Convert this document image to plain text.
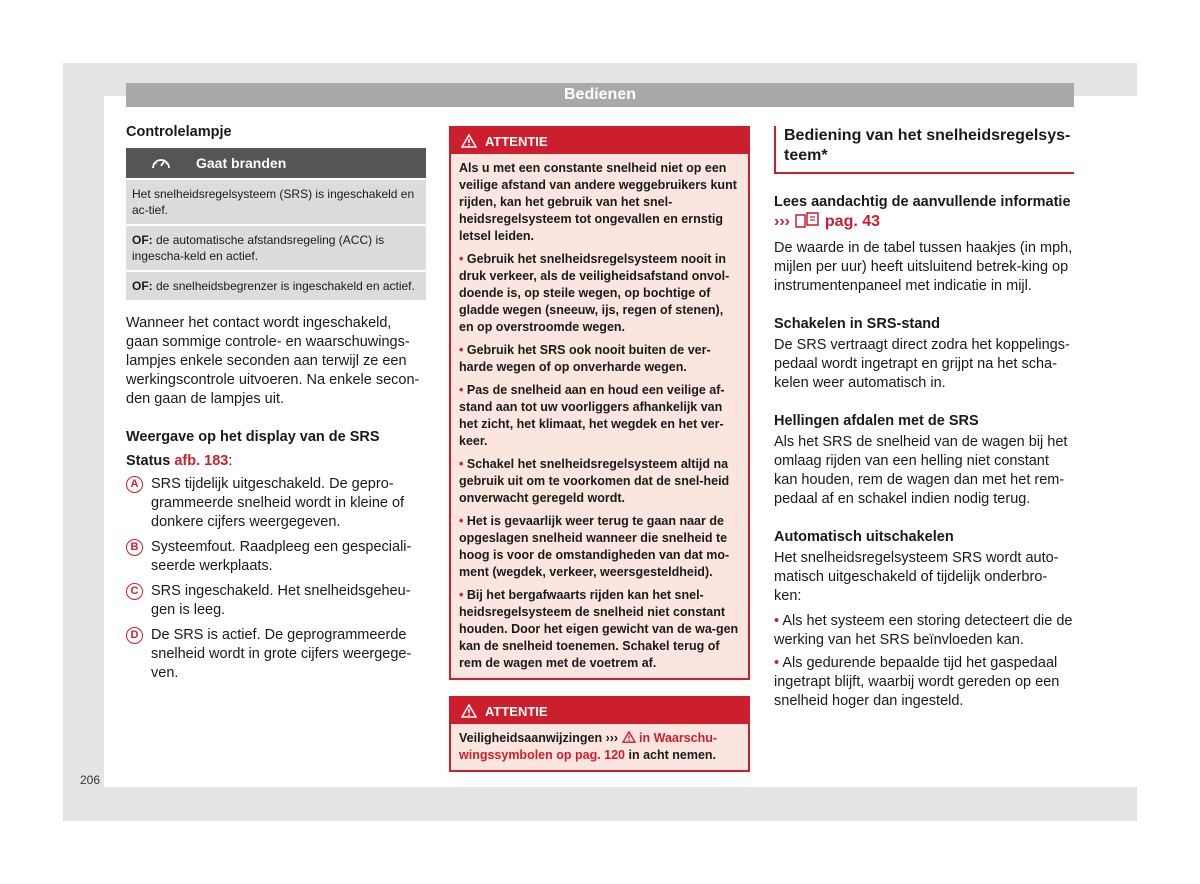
Bedienen
Controlelampje
Gaat branden
Het snelheidsregelsysteem (SRS) is ingeschakeld en ac-tief.
OF: de automatische afstandsregeling (ACC) is ingescha-keld en actief.
OF: de snelheidsbegrenzer is ingeschakeld en actief.

Wanneer het contact wordt ingeschakeld, gaan sommige controle- en waarschuwings-lampjes enkele seconden aan terwijl ze een werkingscontrole uitvoeren. Na enkele secon-den gaan de lampjes uit.

Weergave op het display van de SRS

Status afb. 183:

A SRS tijdelijk uitgeschakeld. De gepro-grammeerde snelheid wordt in kleine of donkere cijfers weergegeven.
B Systeemfout. Raadpleeg een gespeciali-seerde werkplaats.
C SRS ingeschakeld. Het snelheidsgeheu-gen is leeg.
D De SRS is actief. De geprogrammeerde snelheid wordt in grote cijfers weergege-ven.
ATTENTIE

Als u met een constante snelheid niet op een veilige afstand van andere weggebruikers kunt rijden, kan het gebruik van het snel-heidsregelsysteem tot ongevallen en ernstig letsel leiden.

• Gebruik het snelheidsregelsysteem nooit in druk verkeer, als de veiligheidsafstand onvol-doende is, op steile wegen, op bochtige of gladde wegen (sneeuw, ijs, regen of stenen), en op overstroomde wegen.

• Gebruik het SRS ook nooit buiten de ver-harde wegen of op onverharde wegen.

• Pas de snelheid aan en houd een veilige af-stand aan tot uw voorliggers afhankelijk van het zicht, het klimaat, het wegdek en het ver-keer.

• Schakel het snelheidsregelsysteem altijd na gebruik uit om te voorkomen dat de snel-heid onverwacht geregeld wordt.

• Het is gevaarlijk weer terug te gaan naar de opgeslagen snelheid wanneer die snelheid te hoog is voor de omstandigheden van dat mo-ment (wegdek, verkeer, weersgesteldheid).

• Bij het bergafwaarts rijden kan het snel-heidsregelsysteem de snelheid niet constant houden. Door het eigen gewicht van de wa-gen kan de snelheid toenemen. Schakel terug of rem de wagen met de voetrem af.

ATTENTIE

Veiligheidsaanwijzingen ››› in Waarschu-wingssymbolen op pag. 120 in acht nemen.

Bediening van het snelheidsregelsys-teem*
Lees aandachtig de aanvullende informatie

››› pag. 43

De waarde in de tabel tussen haakjes (in mph, mijlen per uur) heeft uitsluitend betrek-king op instrumentenpaneel met indicatie in mijl.

Schakelen in SRS-stand

De SRS vertraagt direct zodra het koppelings-pedaal wordt ingetrapt en grijpt na het scha-kelen weer automatisch in.

Hellingen afdalen met de SRS

Als het SRS de snelheid van de wagen bij het omlaag rijden van een helling niet constant kan houden, rem de wagen dan met het rem-pedaal af en schakel indien nodig terug.

Automatisch uitschakelen

Het snelheidsregelsysteem SRS wordt auto-matisch uitgeschakeld of tijdelijk onderbro-ken:

• Als het systeem een storing detecteert die de werking van het SRS beïnvloeden kan.

• Als gedurende bepaalde tijd het gaspedaal ingetrapt blijft, waarbij wordt gereden op een snelheid hoger dan ingesteld.

206
